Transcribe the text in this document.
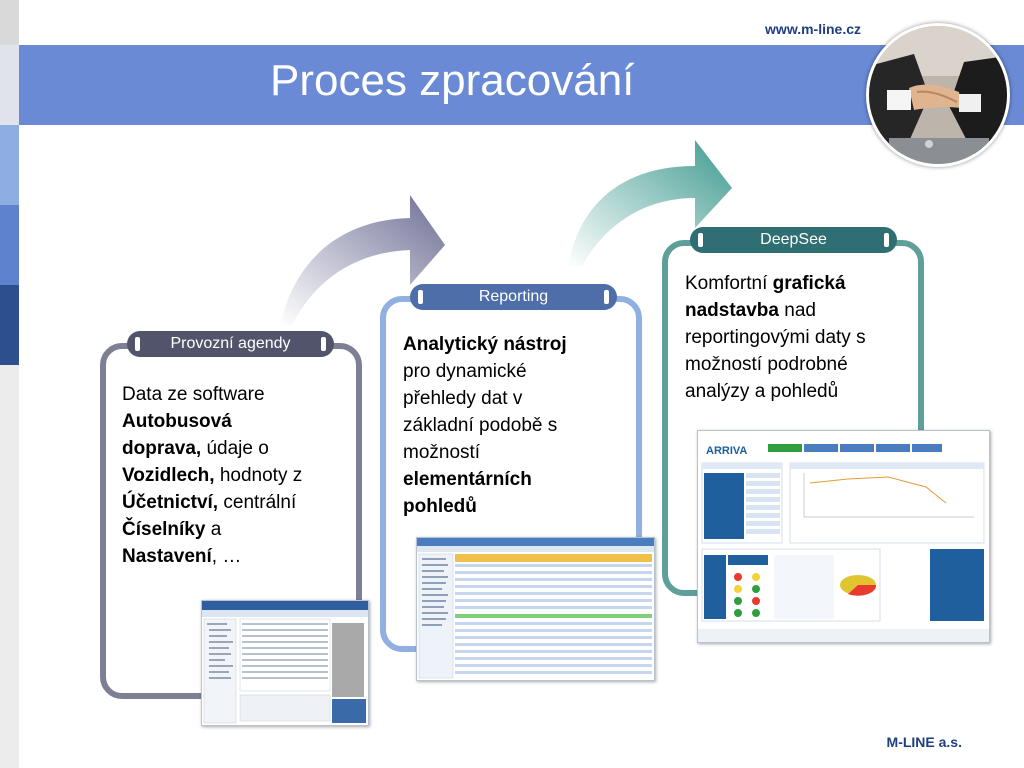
www.m-line.cz
Proces zpracování
Provozní agendy
Data ze software
Autobusová
doprava, údaje o
Vozidlech, hodnoty z
Účetnictví, centrální
Číselníky a
Nastavení, …
Reporting
Analytický nástroj
pro dynamické
přehledy dat v
základní podobě s
možností
elementárních
pohledů
DeepSee
Komfortní grafická
nadstavba nad
reportingovými daty s
možností podrobné
analýzy a pohledů
ARRIVA
M-LINE a.s.
